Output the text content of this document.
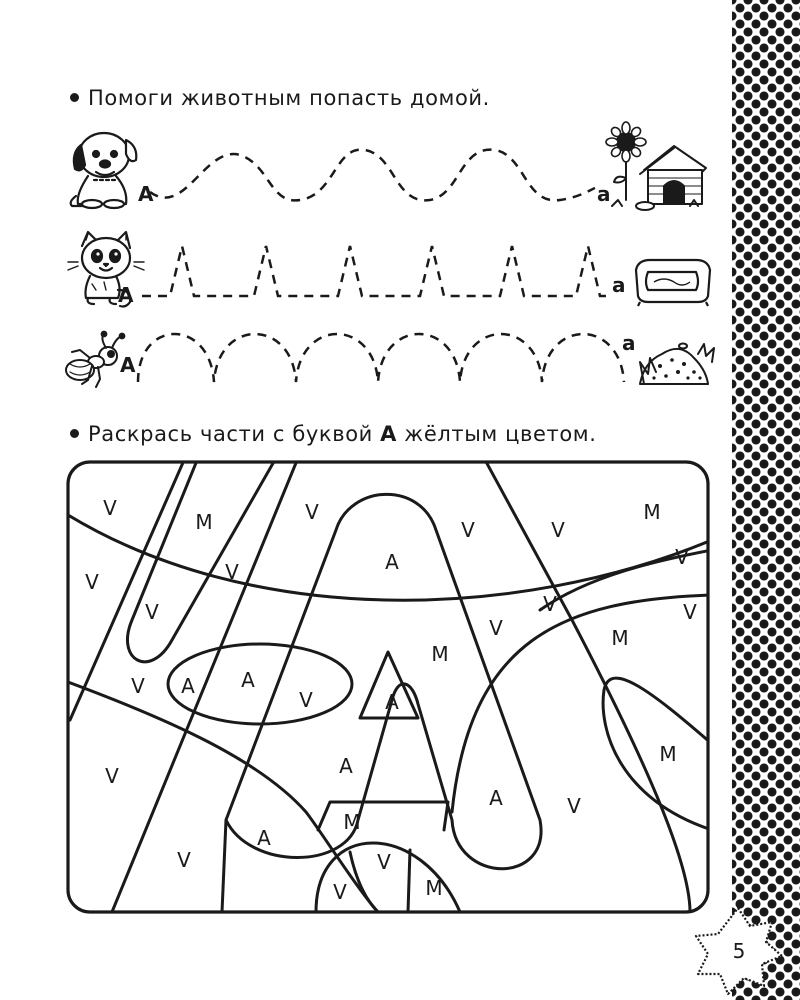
Помоги животным попасть домой.
Раскрась части с буквой А жёлтым цветом.
А	а
А	а
А
а
V
M	V	M
V	V
V	V
V
A
V
V
V
M
V
V A
M
A
V	A
A
V
M
M
A	V
A
V	V
V	M
5
